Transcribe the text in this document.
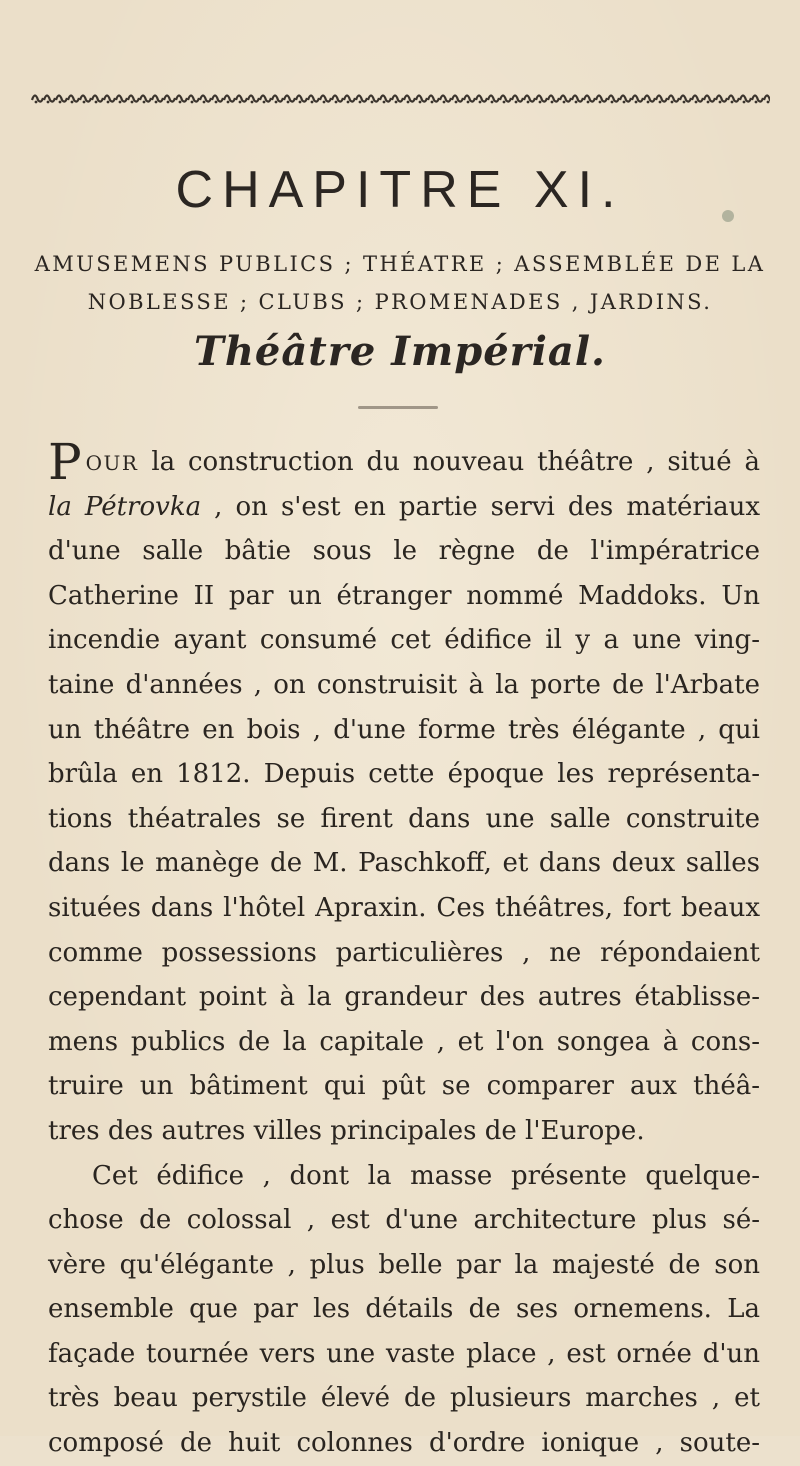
CHAPITRE XI.

AMUSEMENS PUBLICS ; THÉATRE ; ASSEMBLÉE DE LA

NOBLESSE ; CLUBS ; PROMENADES , JARDINS.

Théâtre Impérial.
POUR la construction du nouveau théâtre , situé à
la Pétrovka , on s'est en partie servi des matériaux
d'une salle bâtie sous le règne de l'impératrice
Catherine II par un étranger nommé Maddoks. Un
incendie ayant consumé cet édifice il y a une ving-
taine d'années , on construisit à la porte de l'Arbate
un théâtre en bois , d'une forme très élégante , qui
brûla en 1812. Depuis cette époque les représenta-
tions théatrales se firent dans une salle construite
dans le manège de M. Paschkoff, et dans deux salles
situées dans l'hôtel Apraxin. Ces théâtres, fort beaux
comme possessions particulières , ne répondaient
cependant point à la grandeur des autres établisse-
mens publics de la capitale , et l'on songea à cons-
truire un bâtiment qui pût se comparer aux théâ-
tres des autres villes principales de l'Europe.
Cet édifice , dont la masse présente quelque-
chose de colossal , est d'une architecture plus sé-
vère qu'élégante , plus belle par la majesté de son
ensemble que par les détails de ses ornemens. La
façade tournée vers une vaste place , est ornée d'un
très beau perystile élevé de plusieurs marches , et
composé de huit colonnes d'ordre ionique , soute-
